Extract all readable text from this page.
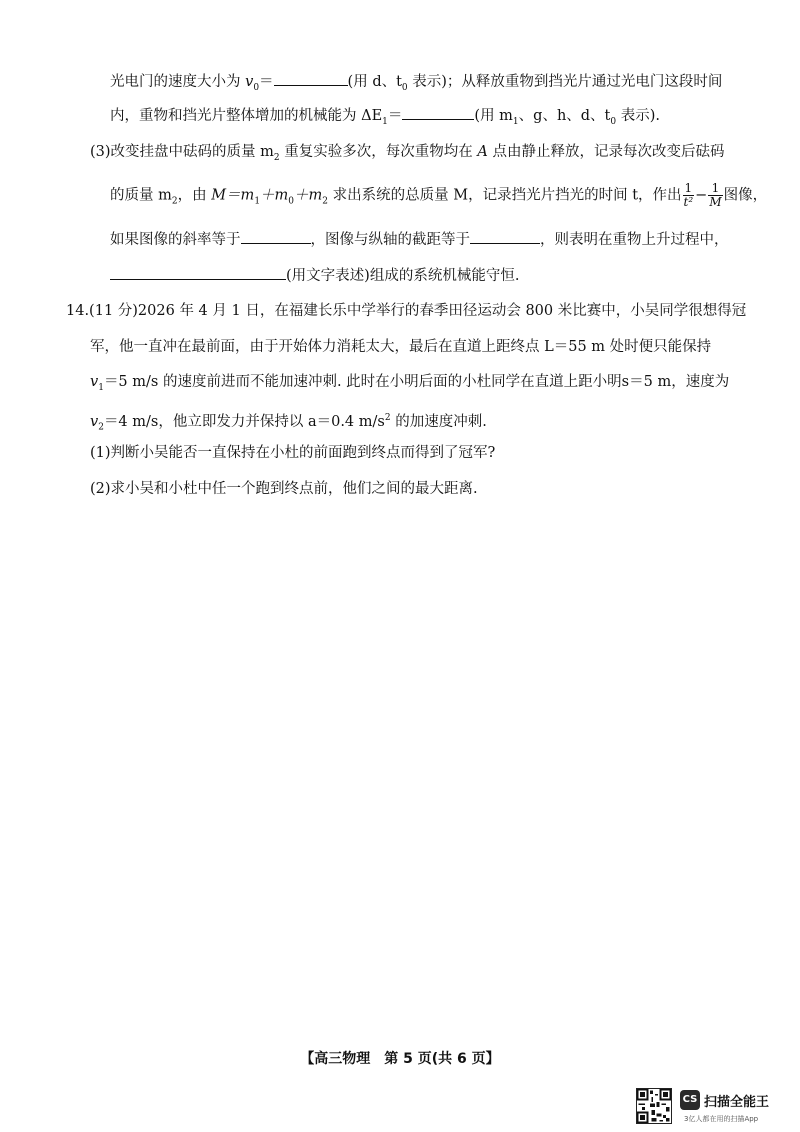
光电门的速度大小为 $v_0=$	(用 d、$t_0$ 表示)；从释放重物到挡光片通过光电门这段时间
内，重物和挡光片整体增加的机械能为 $\Delta E_1=$	(用 $m_1$、g、h、d、$t_0$ 表示).
(3)改变挂盘中砝码的质量 $m_2$ 重复实验多次，每次重物均在 A 点由静止释放，记录每次改变后砝码
的质量 $m_2$，由 $M=m_1+m_0+m_2$ 求出系统的总质量 M，记录挡光片挡光的时间 t，作出 $\frac{1}{\text{t²}} - \frac{1}{M}$ 图像，
如果图像的斜率等于	，图像与纵轴的截距等于	，则表明在重物上升过程中，
(用文字表述)组成的系统机械能守恒.
14.(11 分)2026 年 4 月 1 日，在福建长乐中学举行的春季田径运动会 800 米比赛中，小吴同学很想得冠
军，他一直冲在最前面，由于开始体力消耗太大，最后在直道上距终点 L＝55 m 处时便只能保持
$v_1=5$ m/s 的速度前进而不能加速冲刺. 此时在小明后面的小杜同学在直道上距小明s＝5 m，速度为
$v_2=4$ m/s，他立即发力并保持以 a＝0.4 $m/s^2$ 的加速度冲刺.
(1)判断小吴能否一直保持在小杜的前面跑到终点而得到了冠军?
(2)求小吴和小杜中任一个跑到终点前，他们之间的最大距离.
【高三物理　第 5 页(共 6 页】
CS 扫描全能王
3亿人都在用的扫描App
